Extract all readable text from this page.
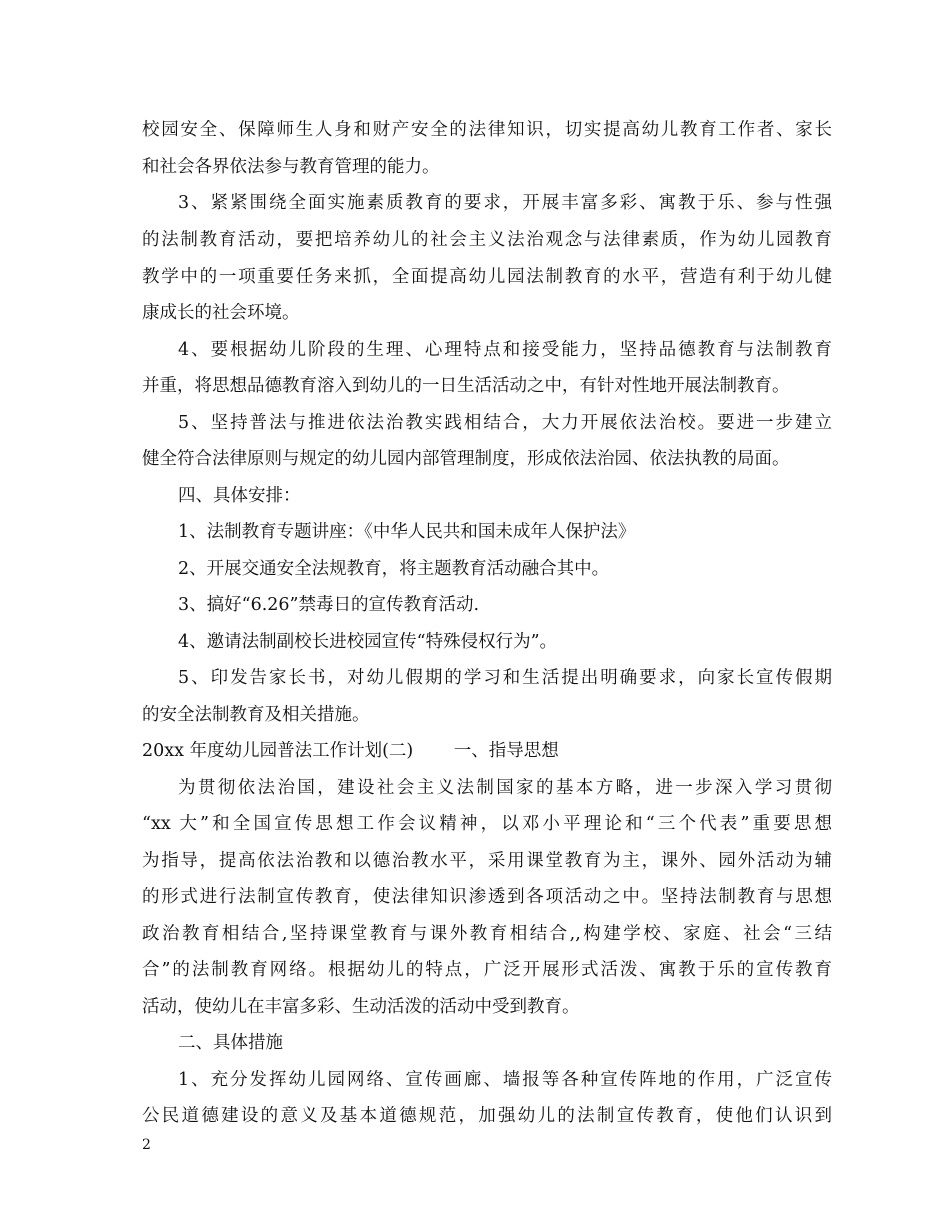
校园安全、保障师生人身和财产安全的法律知识，切实提高幼儿教育工作者、家长
和社会各界依法参与教育管理的能力。
3、紧紧围绕全面实施素质教育的要求，开展丰富多彩、寓教于乐、参与性强
的法制教育活动，要把培养幼儿的社会主义法治观念与法律素质，作为幼儿园教育
教学中的一项重要任务来抓，全面提高幼儿园法制教育的水平，营造有利于幼儿健
康成长的社会环境。
4、要根据幼儿阶段的生理、心理特点和接受能力，坚持品德教育与法制教育
并重，将思想品德教育溶入到幼儿的一日生活活动之中，有针对性地开展法制教育。
5、坚持普法与推进依法治教实践相结合，大力开展依法治校。要进一步建立
健全符合法律原则与规定的幼儿园内部管理制度，形成依法治园、依法执教的局面。
四、具体安排：
1、法制教育专题讲座：《中华人民共和国未成年人保护法》
2、开展交通安全法规教育，将主题教育活动融合其中。
3、搞好“6.26”禁毒日的宣传教育活动.
4、邀请法制副校长进校园宣传“特殊侵权行为”。
5、印发告家长书，对幼儿假期的学习和生活提出明确要求，向家长宣传假期
的安全法制教育及相关措施。
20xx 年度幼儿园普法工作计划(二)　　 一、指导思想
为贯彻依法治国，建设社会主义法制国家的基本方略，进一步深入学习贯彻
“xx 大”和全国宣传思想工作会议精神，以邓小平理论和“三个代表”重要思想
为指导，提高依法治教和以德治教水平，采用课堂教育为主，课外、园外活动为辅
的形式进行法制宣传教育，使法律知识渗透到各项活动之中。坚持法制教育与思想
政治教育相结合,坚持课堂教育与课外教育相结合,,构建学校、家庭、社会“三结
合”的法制教育网络。根据幼儿的特点，广泛开展形式活泼、寓教于乐的宣传教育
活动，使幼儿在丰富多彩、生动活泼的活动中受到教育。
二、具体措施
1、充分发挥幼儿园网络、宣传画廊、墙报等各种宣传阵地的作用，广泛宣传
公民道德建设的意义及基本道德规范，加强幼儿的法制宣传教育，使他们认识到
2
